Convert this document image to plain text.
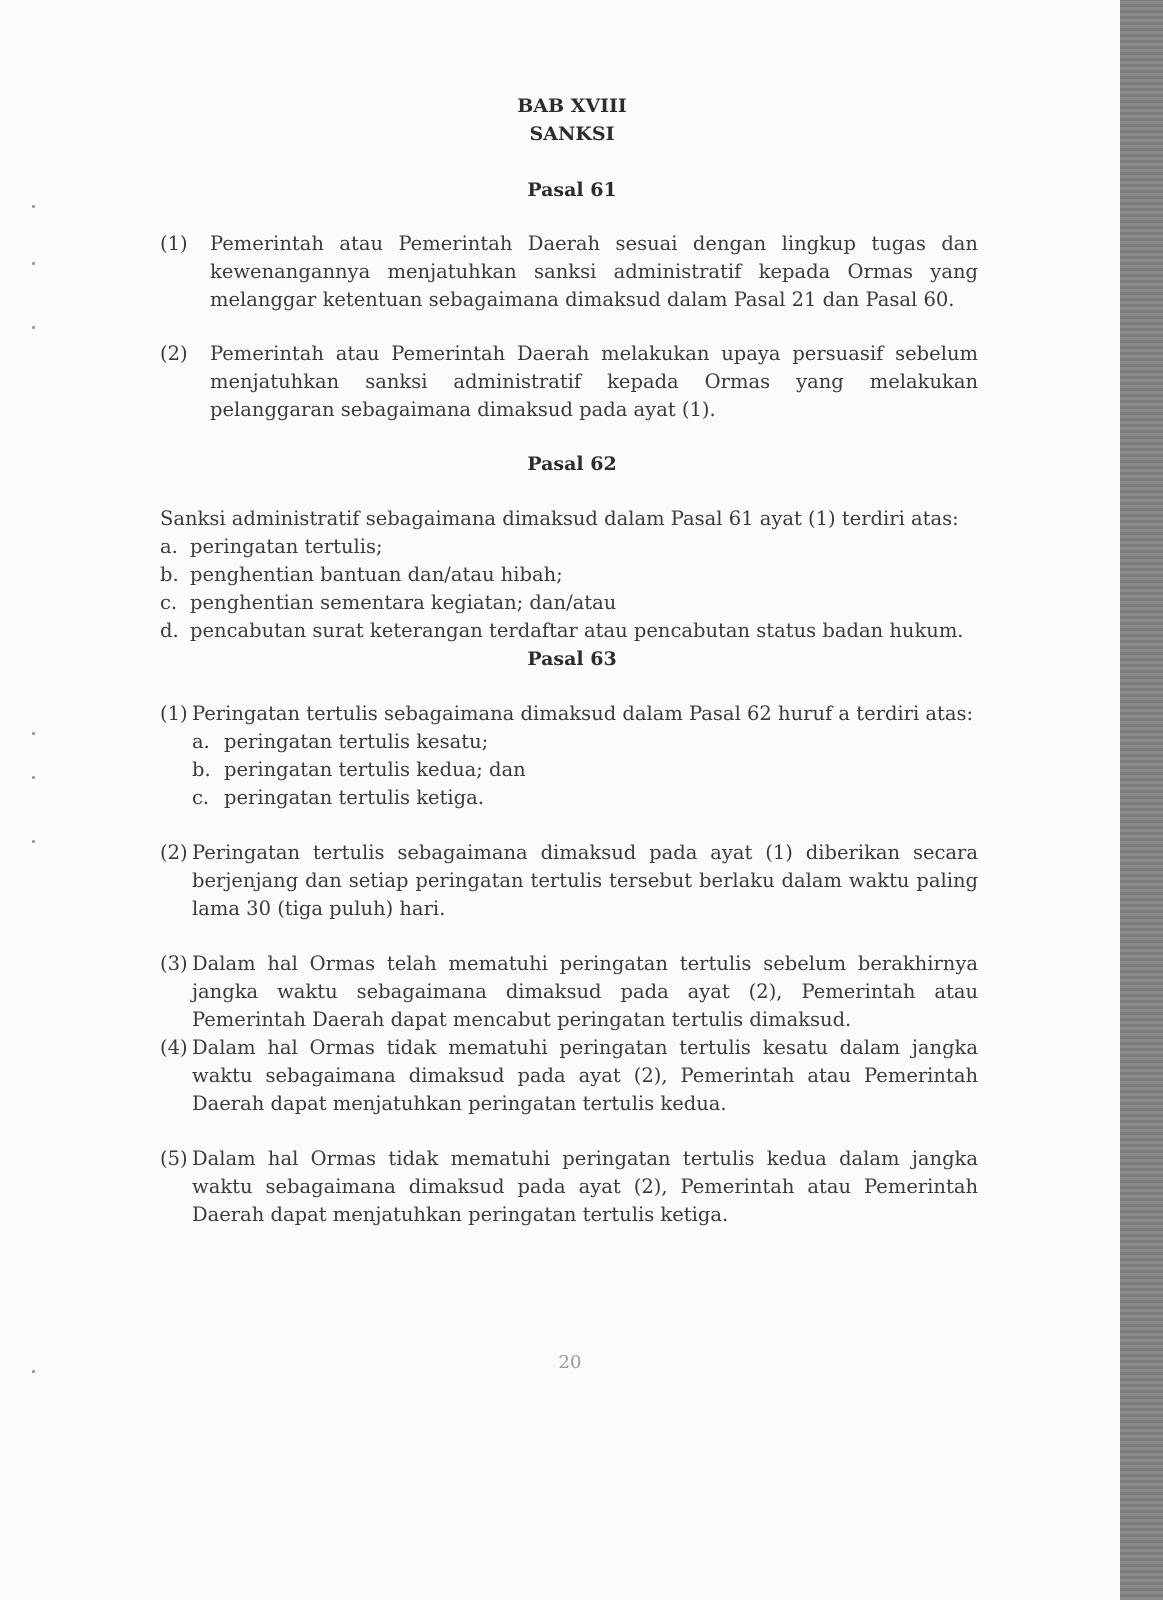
BAB XVIII
SANKSI
Pasal 61
(1)	Pemerintah atau Pemerintah Daerah sesuai dengan lingkup tugas dan kewenangannya menjatuhkan sanksi administratif kepada Ormas yang melanggar ketentuan sebagaimana dimaksud dalam Pasal 21 dan Pasal 60.
(2)	Pemerintah atau Pemerintah Daerah melakukan upaya persuasif sebelum menjatuhkan sanksi administratif kepada Ormas yang melakukan pelanggaran sebagaimana dimaksud pada ayat (1).
Pasal 62
Sanksi administratif sebagaimana dimaksud dalam Pasal 61 ayat (1) terdiri atas:
a. peringatan tertulis;
b. penghentian bantuan dan/atau hibah;
c. penghentian sementara kegiatan; dan/atau
d. pencabutan surat keterangan terdaftar atau pencabutan status badan hukum.
Pasal 63
(1) Peringatan tertulis sebagaimana dimaksud dalam Pasal 62 huruf a terdiri atas:
a. peringatan tertulis kesatu;
b. peringatan tertulis kedua; dan
c. peringatan tertulis ketiga.
(2) Peringatan tertulis sebagaimana dimaksud pada ayat (1) diberikan secara berjenjang dan setiap peringatan tertulis tersebut berlaku dalam waktu paling lama 30 (tiga puluh) hari.
(3) Dalam hal Ormas telah mematuhi peringatan tertulis sebelum berakhirnya jangka waktu sebagaimana dimaksud pada ayat (2), Pemerintah atau Pemerintah Daerah dapat mencabut peringatan tertulis dimaksud.
(4) Dalam hal Ormas tidak mematuhi peringatan tertulis kesatu dalam jangka waktu sebagaimana dimaksud pada ayat (2), Pemerintah atau Pemerintah Daerah dapat menjatuhkan peringatan tertulis kedua.
(5) Dalam hal Ormas tidak mematuhi peringatan tertulis kedua dalam jangka waktu sebagaimana dimaksud pada ayat (2), Pemerintah atau Pemerintah Daerah dapat menjatuhkan peringatan tertulis ketiga.
20
